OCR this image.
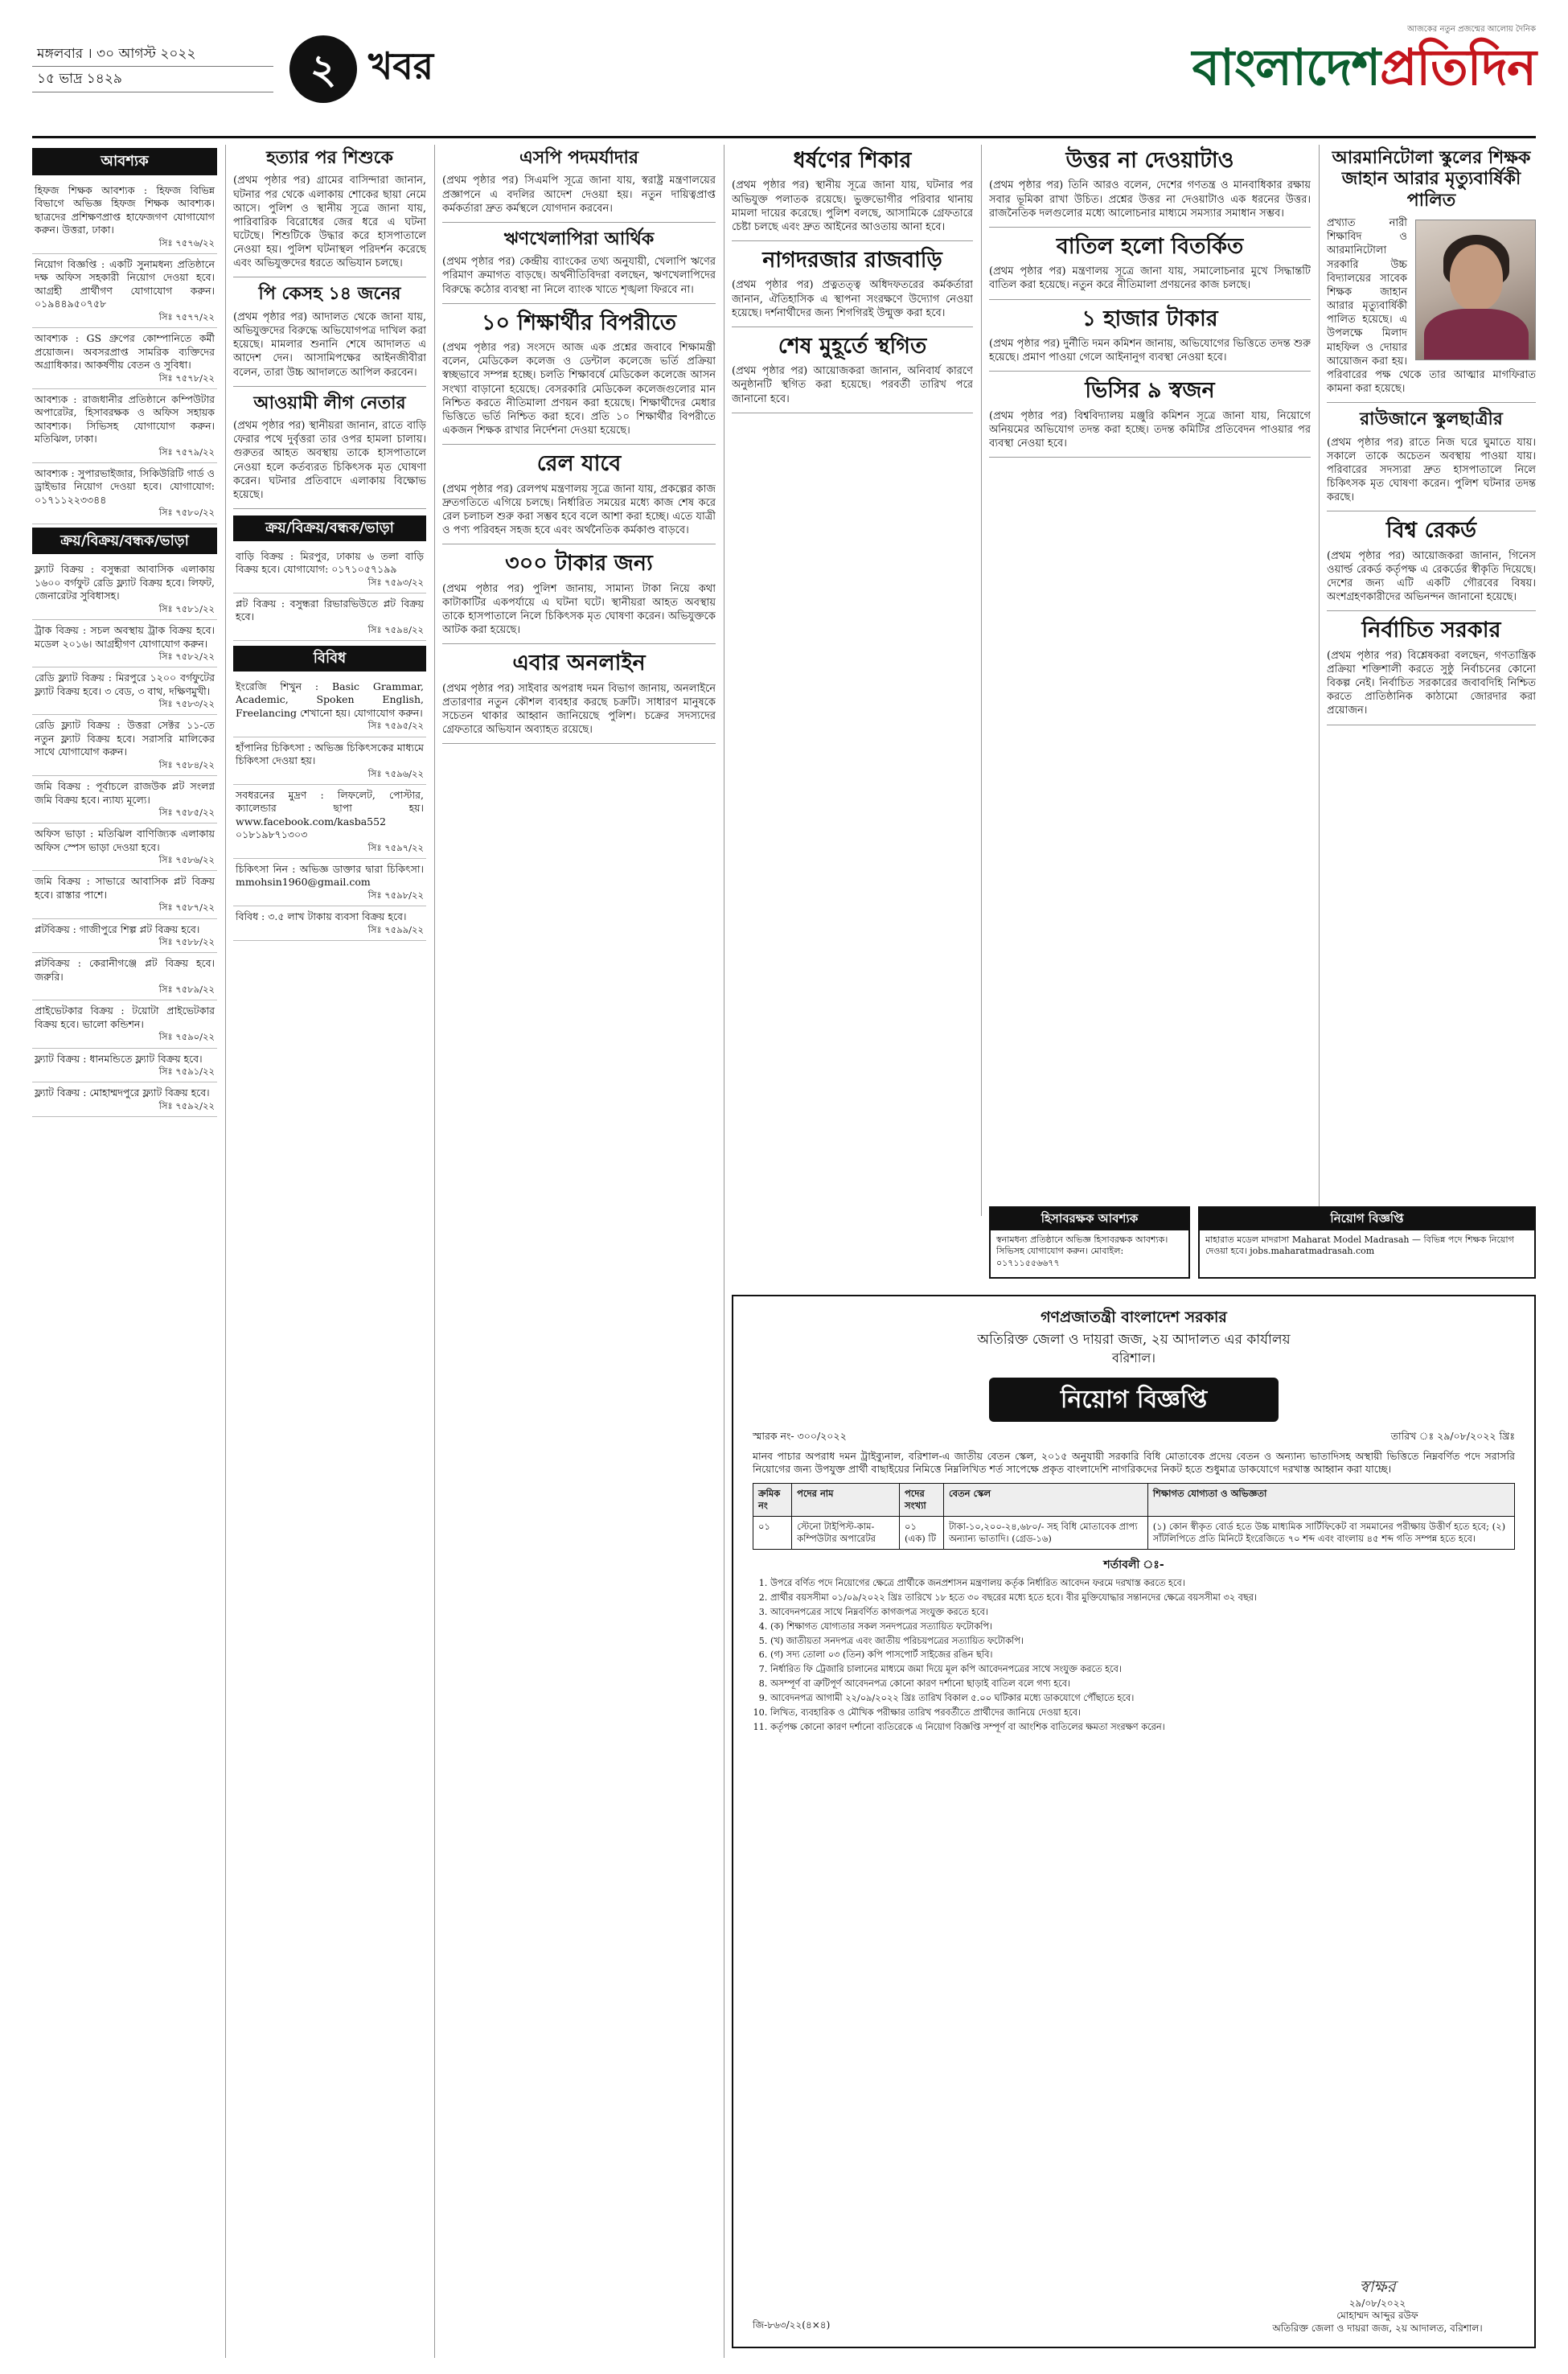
মঙ্গলবার । ৩০ আগস্ট ২০২২
১৫ ভাদ্র ১৪২৯	২ খবর
আজকের নতুন প্রজন্মের আলোয় দৈনিক
বাংলাদেশপ্রতিদিন
আবশ্যক
হিফজ শিক্ষক আবশ্যক : হিফজ বিভিন্ন বিভাগে অভিজ্ঞ হিফজ শিক্ষক আবশ্যক। ছাত্রদের প্রশিক্ষণপ্রাপ্ত হাফেজগণ যোগাযোগ করুন। উত্তরা, ঢাকা।
সিঃ ৭৫৭৬/২২
নিয়োগ বিজ্ঞপ্তি : একটি সুনামধন্য প্রতিষ্ঠানে দক্ষ অফিস সহকারী নিয়োগ দেওয়া হবে। আগ্রহী প্রার্থীগণ যোগাযোগ করুন। ০১৯৪৪৯৫০৭৫৮
সিঃ ৭৫৭৭/২২
আবশ্যক : GS গ্রুপের কোম্পানিতে কর্মী প্রয়োজন। অবসরপ্রাপ্ত সামরিক ব্যক্তিদের অগ্রাধিকার। আকর্ষণীয় বেতন ও সুবিধা।
সিঃ ৭৫৭৮/২২
আবশ্যক : রাজধানীর প্রতিষ্ঠানে কম্পিউটার অপারেটর, হিসাবরক্ষক ও অফিস সহায়ক আবশ্যক। সিভিসহ যোগাযোগ করুন। মতিঝিল, ঢাকা।
সিঃ ৭৫৭৯/২২
আবশ্যক : সুপারভাইজার, সিকিউরিটি গার্ড ও ড্রাইভার নিয়োগ দেওয়া হবে। যোগাযোগ: ০১৭১১২২৩৩৪৪
সিঃ ৭৫৮০/২২
ক্রয়/বিক্রয়/বন্ধক/ভাড়া
ফ্ল্যাট বিক্রয় : বসুন্ধরা আবাসিক এলাকায় ১৬০০ বর্গফুট রেডি ফ্ল্যাট বিক্রয় হবে। লিফট, জেনারেটর সুবিধাসহ।
সিঃ ৭৫৮১/২২
ট্রাক বিক্রয় : সচল অবস্থায় ট্রাক বিক্রয় হবে। মডেল ২০১৬। আগ্রহীগণ যোগাযোগ করুন।
সিঃ ৭৫৮২/২২
রেডি ফ্ল্যাট বিক্রয় : মিরপুরে ১২০০ বর্গফুটের ফ্ল্যাট বিক্রয় হবে। ৩ বেড, ৩ বাথ, দক্ষিণমুখী।
সিঃ ৭৫৮৩/২২
রেডি ফ্ল্যাট বিক্রয় : উত্তরা সেক্টর ১১-তে নতুন ফ্ল্যাট বিক্রয় হবে। সরাসরি মালিকের সাথে যোগাযোগ করুন।
সিঃ ৭৫৮৪/২২
জমি বিক্রয় : পূর্বাচলে রাজউক প্লট সংলগ্ন জমি বিক্রয় হবে। ন্যায্য মূল্যে।
সিঃ ৭৫৮৫/২২
অফিস ভাড়া : মতিঝিল বাণিজ্যিক এলাকায় অফিস স্পেস ভাড়া দেওয়া হবে।
সিঃ ৭৫৮৬/২২
জমি বিক্রয় : সাভারে আবাসিক প্লট বিক্রয় হবে। রাস্তার পাশে।
সিঃ ৭৫৮৭/২২
প্লটবিক্রয় : গাজীপুরে শিল্প প্লট বিক্রয় হবে।
সিঃ ৭৫৮৮/২২
প্লটবিক্রয় : কেরানীগঞ্জে প্লট বিক্রয় হবে। জরুরি।
সিঃ ৭৫৮৯/২২
প্রাইভেটকার বিক্রয় : টয়োটা প্রাইভেটকার বিক্রয় হবে। ভালো কন্ডিশন।
সিঃ ৭৫৯০/২২
ফ্ল্যাট বিক্রয় : ধানমন্ডিতে ফ্ল্যাট বিক্রয় হবে।
সিঃ ৭৫৯১/২২
ফ্ল্যাট বিক্রয় : মোহাম্মদপুরে ফ্ল্যাট বিক্রয় হবে।
সিঃ ৭৫৯২/২২
হত্যার পর শিশুকে
(প্রথম পৃষ্ঠার পর) গ্রামের বাসিন্দারা জানান, ঘটনার পর থেকে এলাকায় শোকের ছায়া নেমে আসে। পুলিশ ও স্থানীয় সূত্রে জানা যায়, পারিবারিক বিরোধের জের ধরে এ ঘটনা ঘটেছে। শিশুটিকে উদ্ধার করে হাসপাতালে নেওয়া হয়। পুলিশ ঘটনাস্থল পরিদর্শন করেছে এবং অভিযুক্তদের ধরতে অভিযান চলছে।
পি কেসহ ১৪ জনের
(প্রথম পৃষ্ঠার পর) আদালত থেকে জানা যায়, অভিযুক্তদের বিরুদ্ধে অভিযোগপত্র দাখিল করা হয়েছে। মামলার শুনানি শেষে আদালত এ আদেশ দেন। আসামিপক্ষের আইনজীবীরা বলেন, তারা উচ্চ আদালতে আপিল করবেন।
আওয়ামী লীগ নেতার
(প্রথম পৃষ্ঠার পর) স্থানীয়রা জানান, রাতে বাড়ি ফেরার পথে দুর্বৃত্তরা তার ওপর হামলা চালায়। গুরুতর আহত অবস্থায় তাকে হাসপাতালে নেওয়া হলে কর্তব্যরত চিকিৎসক মৃত ঘোষণা করেন। ঘটনার প্রতিবাদে এলাকায় বিক্ষোভ হয়েছে।
ক্রয়/বিক্রয়/বন্ধক/ভাড়া
বাড়ি বিক্রয় : মিরপুর, ঢাকায় ৬ তলা বাড়ি বিক্রয় হবে। যোগাযোগ: ০১৭১০৫৭১৯৯
সিঃ ৭৫৯৩/২২
প্লট বিক্রয় : বসুন্ধরা রিভারভিউতে প্লট বিক্রয় হবে।
সিঃ ৭৫৯৪/২২
বিবিধ
ইংরেজি শিখুন : Basic Grammar, Academic, Spoken English, Freelancing শেখানো হয়। যোগাযোগ করুন।
সিঃ ৭৫৯৫/২২
হাঁপানির চিকিৎসা : অভিজ্ঞ চিকিৎসকের মাধ্যমে চিকিৎসা দেওয়া হয়।
সিঃ ৭৫৯৬/২২
সবধরনের মুদ্রণ : লিফলেট, পোস্টার, ক্যালেন্ডার ছাপা হয়। www.facebook.com/kasba552 ০১৮১৯৮৭১৩০৩
সিঃ ৭৫৯৭/২২
চিকিৎসা নিন : অভিজ্ঞ ডাক্তার দ্বারা চিকিৎসা। mmohsin1960@gmail.com
সিঃ ৭৫৯৮/২২
বিবিধ : ৩.৫ লাখ টাকায় ব্যবসা বিক্রয় হবে।
সিঃ ৭৫৯৯/২২
এসপি পদমর্যাদার
(প্রথম পৃষ্ঠার পর) সিএমপি সূত্রে জানা যায়, স্বরাষ্ট্র মন্ত্রণালয়ের প্রজ্ঞাপনে এ বদলির আদেশ দেওয়া হয়। নতুন দায়িত্বপ্রাপ্ত কর্মকর্তারা দ্রুত কর্মস্থলে যোগদান করবেন।
ঋণখেলাপিরা আর্থিক
(প্রথম পৃষ্ঠার পর) কেন্দ্রীয় ব্যাংকের তথ্য অনুযায়ী, খেলাপি ঋণের পরিমাণ ক্রমাগত বাড়ছে। অর্থনীতিবিদরা বলছেন, ঋণখেলাপিদের বিরুদ্ধে কঠোর ব্যবস্থা না নিলে ব্যাংক খাতে শৃঙ্খলা ফিরবে না।
১০ শিক্ষার্থীর বিপরীতে
(প্রথম পৃষ্ঠার পর) সংসদে আজ এক প্রশ্নের জবাবে শিক্ষামন্ত্রী বলেন, মেডিকেল কলেজ ও ডেন্টাল কলেজে ভর্তি প্রক্রিয়া স্বচ্ছভাবে সম্পন্ন হচ্ছে। চলতি শিক্ষাবর্ষে মেডিকেল কলেজে আসন সংখ্যা বাড়ানো হয়েছে। বেসরকারি মেডিকেল কলেজগুলোর মান নিশ্চিত করতে নীতিমালা প্রণয়ন করা হয়েছে। শিক্ষার্থীদের মেধার ভিত্তিতে ভর্তি নিশ্চিত করা হবে। প্রতি ১০ শিক্ষার্থীর বিপরীতে একজন শিক্ষক রাখার নির্দেশনা দেওয়া হয়েছে।
রেল যাবে
(প্রথম পৃষ্ঠার পর) রেলপথ মন্ত্রণালয় সূত্রে জানা যায়, প্রকল্পের কাজ দ্রুতগতিতে এগিয়ে চলছে। নির্ধারিত সময়ের মধ্যে কাজ শেষ করে রেল চলাচল শুরু করা সম্ভব হবে বলে আশা করা হচ্ছে। এতে যাত্রী ও পণ্য পরিবহন সহজ হবে এবং অর্থনৈতিক কর্মকাণ্ড বাড়বে।
৩০০ টাকার জন্য
(প্রথম পৃষ্ঠার পর) পুলিশ জানায়, সামান্য টাকা নিয়ে কথা কাটাকাটির একপর্যায়ে এ ঘটনা ঘটে। স্থানীয়রা আহত অবস্থায় তাকে হাসপাতালে নিলে চিকিৎসক মৃত ঘোষণা করেন। অভিযুক্তকে আটক করা হয়েছে।
এবার অনলাইন
(প্রথম পৃষ্ঠার পর) সাইবার অপরাধ দমন বিভাগ জানায়, অনলাইনে প্রতারণার নতুন কৌশল ব্যবহার করছে চক্রটি। সাধারণ মানুষকে সচেতন থাকার আহ্বান জানিয়েছে পুলিশ। চক্রের সদস্যদের গ্রেফতারে অভিযান অব্যাহত রয়েছে।
ধর্ষণের শিকার
(প্রথম পৃষ্ঠার পর) স্থানীয় সূত্রে জানা যায়, ঘটনার পর অভিযুক্ত পলাতক রয়েছে। ভুক্তভোগীর পরিবার থানায় মামলা দায়ের করেছে। পুলিশ বলছে, আসামিকে গ্রেফতারে চেষ্টা চলছে এবং দ্রুত আইনের আওতায় আনা হবে।
নাগদরজার রাজবাড়ি
(প্রথম পৃষ্ঠার পর) প্রত্নতত্ত্ব অধিদফতরের কর্মকর্তারা জানান, ঐতিহাসিক এ স্থাপনা সংরক্ষণে উদ্যোগ নেওয়া হয়েছে। দর্শনার্থীদের জন্য শিগগিরই উন্মুক্ত করা হবে।
শেষ মুহূর্তে স্থগিত
(প্রথম পৃষ্ঠার পর) আয়োজকরা জানান, অনিবার্য কারণে অনুষ্ঠানটি স্থগিত করা হয়েছে। পরবর্তী তারিখ পরে জানানো হবে।
উত্তর না দেওয়াটাও
(প্রথম পৃষ্ঠার পর) তিনি আরও বলেন, দেশের গণতন্ত্র ও মানবাধিকার রক্ষায় সবার ভূমিকা রাখা উচিত। প্রশ্নের উত্তর না দেওয়াটাও এক ধরনের উত্তর। রাজনৈতিক দলগুলোর মধ্যে আলোচনার মাধ্যমে সমস্যার সমাধান সম্ভব।
বাতিল হলো বিতর্কিত
(প্রথম পৃষ্ঠার পর) মন্ত্রণালয় সূত্রে জানা যায়, সমালোচনার মুখে সিদ্ধান্তটি বাতিল করা হয়েছে। নতুন করে নীতিমালা প্রণয়নের কাজ চলছে।
১ হাজার টাকার
(প্রথম পৃষ্ঠার পর) দুর্নীতি দমন কমিশন জানায়, অভিযোগের ভিত্তিতে তদন্ত শুরু হয়েছে। প্রমাণ পাওয়া গেলে আইনানুগ ব্যবস্থা নেওয়া হবে।
ভিসির ৯ স্বজন
(প্রথম পৃষ্ঠার পর) বিশ্ববিদ্যালয় মঞ্জুরি কমিশন সূত্রে জানা যায়, নিয়োগে অনিয়মের অভিযোগ তদন্ত করা হচ্ছে। তদন্ত কমিটির প্রতিবেদন পাওয়ার পর ব্যবস্থা নেওয়া হবে।
আরমানিটোলা স্কুলের শিক্ষক জাহান আরার মৃত্যুবার্ষিকী পালিত
প্রখ্যাত নারী শিক্ষাবিদ ও আরমানিটোলা সরকারি উচ্চ বিদ্যালয়ের সাবেক শিক্ষক জাহান আরার মৃত্যুবার্ষিকী পালিত হয়েছে। এ উপলক্ষে মিলাদ মাহফিল ও দোয়ার আয়োজন করা হয়। পরিবারের পক্ষ থেকে তার আত্মার মাগফিরাত কামনা করা হয়েছে।
রাউজানে স্কুলছাত্রীর
(প্রথম পৃষ্ঠার পর) রাতে নিজ ঘরে ঘুমাতে যায়। সকালে তাকে অচেতন অবস্থায় পাওয়া যায়। পরিবারের সদস্যরা দ্রুত হাসপাতালে নিলে চিকিৎসক মৃত ঘোষণা করেন। পুলিশ ঘটনার তদন্ত করছে।
বিশ্ব রেকর্ড
(প্রথম পৃষ্ঠার পর) আয়োজকরা জানান, গিনেস ওয়ার্ল্ড রেকর্ড কর্তৃপক্ষ এ রেকর্ডের স্বীকৃতি দিয়েছে। দেশের জন্য এটি একটি গৌরবের বিষয়। অংশগ্রহণকারীদের অভিনন্দন জানানো হয়েছে।
নির্বাচিত সরকার
(প্রথম পৃষ্ঠার পর) বিশ্লেষকরা বলছেন, গণতান্ত্রিক প্রক্রিয়া শক্তিশালী করতে সুষ্ঠু নির্বাচনের কোনো বিকল্প নেই। নির্বাচিত সরকারের জবাবদিহি নিশ্চিত করতে প্রাতিষ্ঠানিক কাঠামো জোরদার করা প্রয়োজন।
হিসাবরক্ষক আবশ্যক
স্বনামধন্য প্রতিষ্ঠানে অভিজ্ঞ হিসাবরক্ষক আবশ্যক। সিভিসহ যোগাযোগ করুন। মোবাইল: ০১৭১১৫৫৬৬৭৭
নিয়োগ বিজ্ঞপ্তি
মাহারাত মডেল মাদরাসা Maharat Model Madrasah — বিভিন্ন পদে শিক্ষক নিয়োগ দেওয়া হবে। jobs.maharatmadrasah.com
গণপ্রজাতন্ত্রী বাংলাদেশ সরকার
অতিরিক্ত জেলা ও দায়রা জজ, ২য় আদালত এর কার্যালয়
বরিশাল।
নিয়োগ বিজ্ঞপ্তি
স্মারক নং- ৩০০/২০২২	তারিখ ঃ ২৯/০৮/২০২২ খ্রিঃ

মানব পাচার অপরাধ দমন ট্রাইব্যুনাল, বরিশাল-এ জাতীয় বেতন স্কেল, ২০১৫ অনুযায়ী সরকারি বিধি মোতাবেক প্রদেয় বেতন ও অন্যান্য ভাতাদিসহ অস্থায়ী ভিত্তিতে নিম্নবর্ণিত পদে সরাসরি নিয়োগের জন্য উপযুক্ত প্রার্থী বাছাইয়ের নিমিত্তে নিম্নলিখিত শর্ত সাপেক্ষে প্রকৃত বাংলাদেশি নাগরিকদের নিকট হতে শুধুমাত্র ডাকযোগে দরখাস্ত আহ্বান করা যাচ্ছে।

ক্রমিক নং	পদের নাম	পদের সংখ্যা	বেতন স্কেল	শিক্ষাগত যোগ্যতা ও অভিজ্ঞতা
০১	স্টেনো টাইপিস্ট-কাম-কম্পিউটার অপারেটর	০১ (এক) টি	টাকা-১০,২০০-২৪,৬৮০/- সহ বিধি মোতাবেক প্রাপ্য অন্যান্য ভাতাদি। (গ্রেড-১৬)	(১) কোন স্বীকৃত বোর্ড হতে উচ্চ মাধ্যমিক সার্টিফিকেট বা সমমানের পরীক্ষায় উত্তীর্ণ হতে হবে; (২) সাঁটলিপিতে প্রতি মিনিটে ইংরেজিতে ৭০ শব্দ এবং বাংলায় ৪৫ শব্দ গতি সম্পন্ন হতে হবে।
শর্তাবলী ঃ-
1. উপরে বর্ণিত পদে নিয়োগের ক্ষেত্রে প্রার্থীকে জনপ্রশাসন মন্ত্রণালয় কর্তৃক নির্ধারিত আবেদন ফরমে দরখাস্ত করতে হবে।
2. প্রার্থীর বয়সসীমা ০১/০৯/২০২২ খ্রিঃ তারিখে ১৮ হতে ৩০ বছরের মধ্যে হতে হবে। বীর মুক্তিযোদ্ধার সন্তানদের ক্ষেত্রে বয়সসীমা ৩২ বছর।
3. আবেদনপত্রের সাথে নিম্নবর্ণিত কাগজপত্র সংযুক্ত করতে হবে।
4. (ক) শিক্ষাগত যোগ্যতার সকল সনদপত্রের সত্যায়িত ফটোকপি।
5. (খ) জাতীয়তা সনদপত্র এবং জাতীয় পরিচয়পত্রের সত্যায়িত ফটোকপি।
6. (গ) সদ্য তোলা ০৩ (তিন) কপি পাসপোর্ট সাইজের রঙিন ছবি।
7. নির্ধারিত ফি ট্রেজারি চালানের মাধ্যমে জমা দিয়ে মূল কপি আবেদনপত্রের সাথে সংযুক্ত করতে হবে।
8. অসম্পূর্ণ বা ত্রুটিপূর্ণ আবেদনপত্র কোনো কারণ দর্শানো ছাড়াই বাতিল বলে গণ্য হবে।
9. আবেদনপত্র আগামী ২২/০৯/২০২২ খ্রিঃ তারিখ বিকাল ৫.০০ ঘটিকার মধ্যে ডাকযোগে পৌঁছাতে হবে।
10. লিখিত, ব্যবহারিক ও মৌখিক পরীক্ষার তারিখ পরবর্তীতে প্রার্থীদের জানিয়ে দেওয়া হবে।
11. কর্তৃপক্ষ কোনো কারণ দর্শানো ব্যতিরেকে এ নিয়োগ বিজ্ঞপ্তি সম্পূর্ণ বা আংশিক বাতিলের ক্ষমতা সংরক্ষণ করেন।
জি-৮৬৩/২২(৪×৪)
স্বাক্ষর
২৯/০৮/২০২২
মোহাম্মদ আব্দুর রউফ
অতিরিক্ত জেলা ও দায়রা জজ, ২য় আদালত, বরিশাল।
